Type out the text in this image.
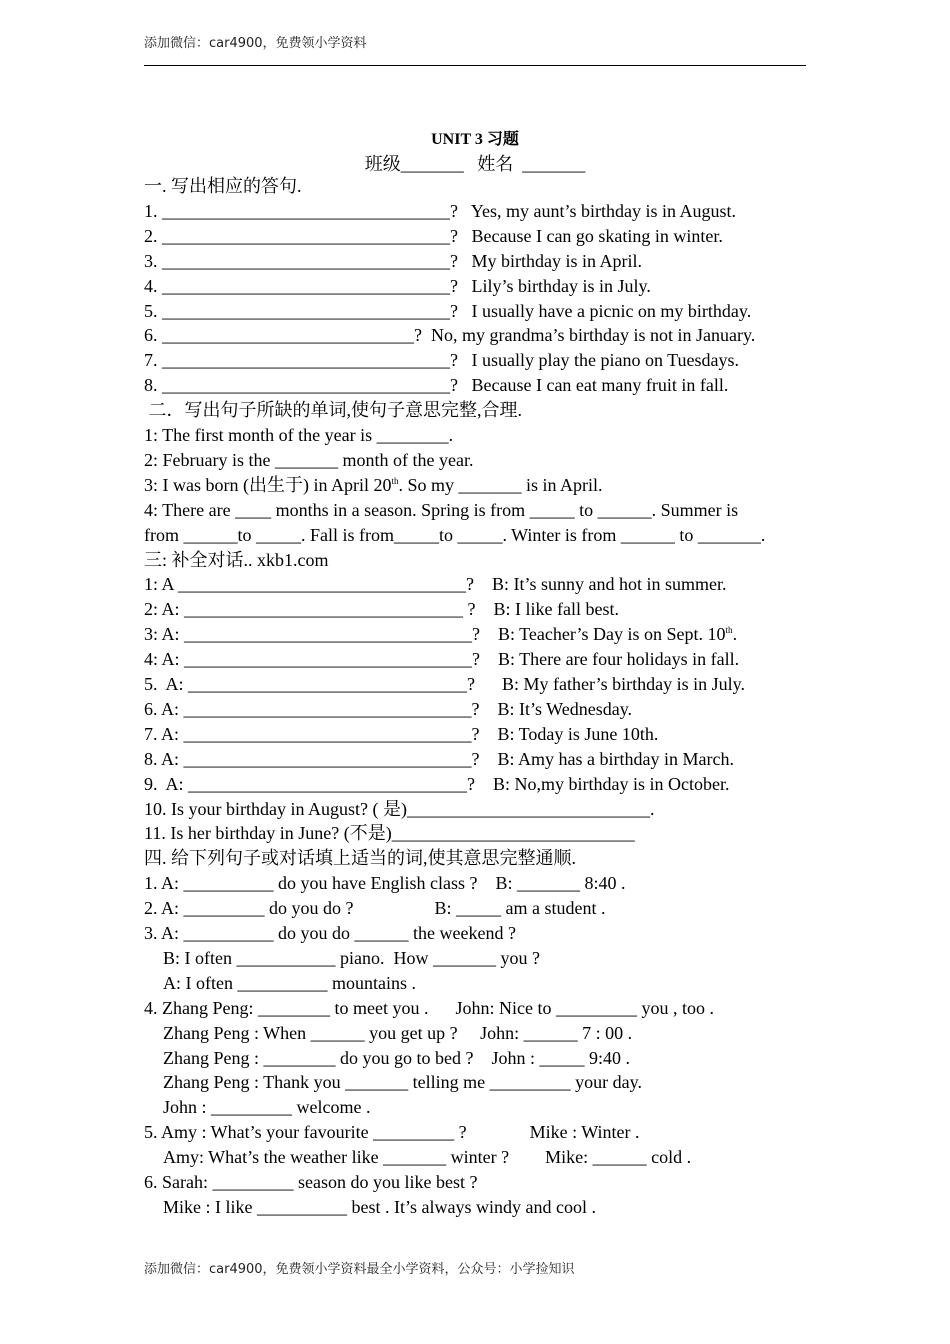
添加微信：car4900，免费领小学资料
UNIT 3 习题
班级_______   姓名  _______
一. 写出相应的答句.
1. ________________________________?   Yes, my aunt’s birthday is in August.
2. ________________________________?   Because I can go skating in winter.
3. ________________________________?   My birthday is in April.
4. ________________________________?   Lily’s birthday is in July.
5. ________________________________?   I usually have a picnic on my birthday.
6. ____________________________?  No, my grandma’s birthday is not in January.
7. ________________________________?   I usually play the piano on Tuesdays.
8. ________________________________?   Because I can eat many fruit in fall.
二．写出句子所缺的单词,使句子意思完整,合理.
1: The first month of the year is ________.
2: February is the _______ month of the year.
3: I was born (出生于) in April 20th. So my _______ is in April.
4: There are ____ months in a season. Spring is from _____ to ______. Summer is
from ______to _____. Fall is from_____to _____. Winter is from ______ to _______.
三: 补全对话.. xkb1.com
1: A ________________________________?    B: It’s sunny and hot in summer.
2: A: _______________________________ ?    B: I like fall best.
3: A: ________________________________?    B: Teacher’s Day is on Sept. 10th.
4: A: ________________________________?    B: There are four holidays in fall.
5.  A: _______________________________?      B: My father’s birthday is in July.
6. A: ________________________________?    B: It’s Wednesday.
7. A: ________________________________?    B: Today is June 10th.
8. A: ________________________________?    B: Amy has a birthday in March.
9.  A: _______________________________?    B: No,my birthday is in October.
10. Is your birthday in August? ( 是)___________________________.
11. Is her birthday in June? (不是)___________________________
四. 给下列句子或对话填上适当的词,使其意思完整通顺.
1. A: __________ do you have English class ?    B: _______ 8:40 .
2. A: _________ do you do ?                  B: _____ am a student .
3. A: __________ do you do ______ the weekend ?
B: I often ___________ piano.  How _______ you ?
A: I often __________ mountains .
4. Zhang Peng: ________ to meet you .      John: Nice to _________ you , too .
Zhang Peng : When ______ you get up ?     John: ______ 7 : 00 .
Zhang Peng : ________ do you go to bed ?    John : _____ 9:40 .
Zhang Peng : Thank you _______ telling me _________ your day.
John : _________ welcome .
5. Amy : What’s your favourite _________ ?              Mike : Winter .
Amy: What’s the weather like _______ winter ?        Mike: ______ cold .
6. Sarah: _________ season do you like best ?
Mike : I like __________ best . It’s always windy and cool .
添加微信：car4900，免费领小学资料最全小学资料，公众号：小学捡知识
